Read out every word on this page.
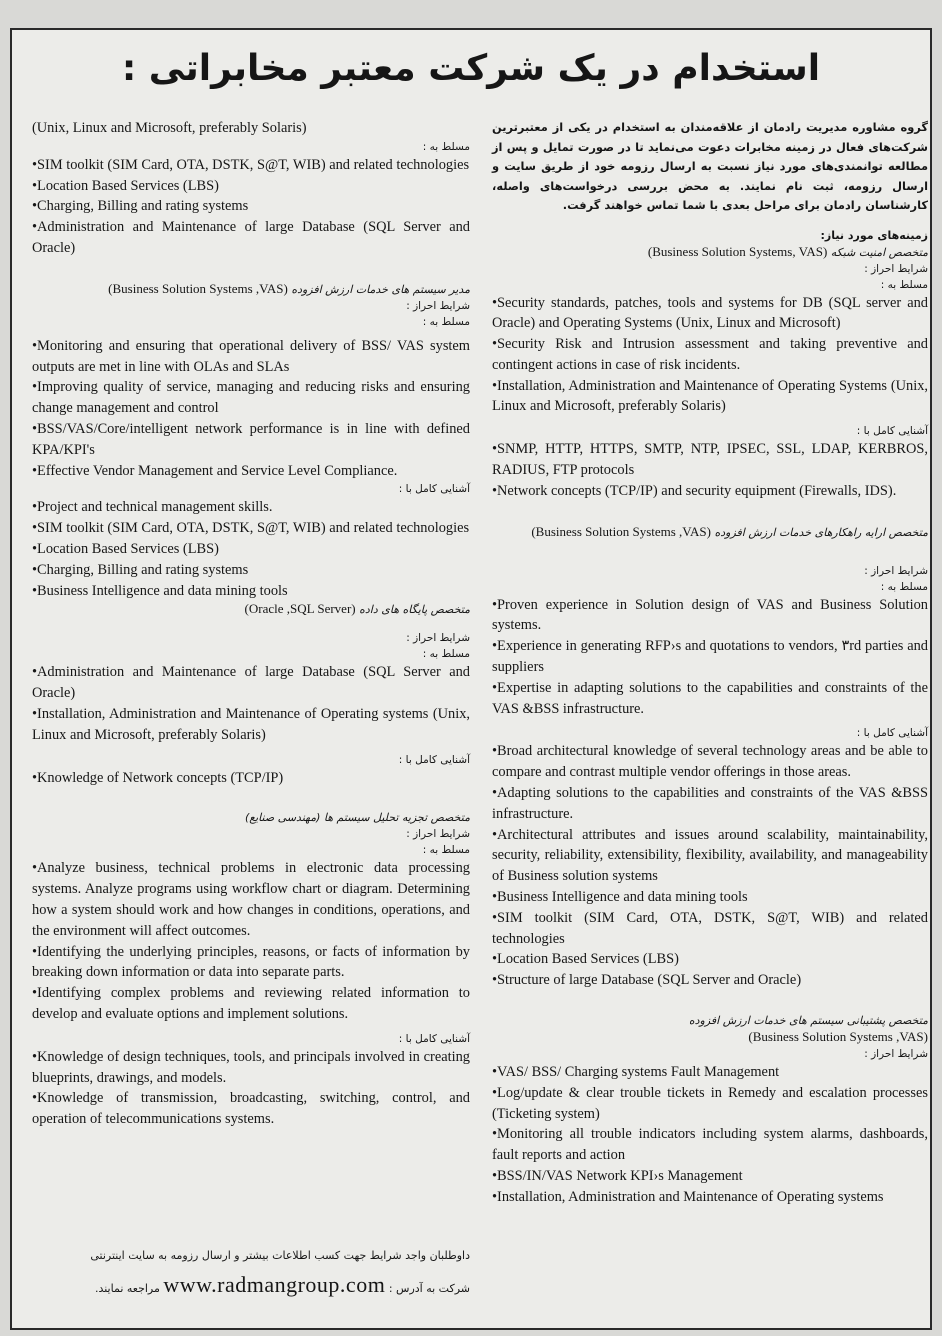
استخدام در یک شرکت معتبر مخابراتی :

(Unix, Linux and Microsoft, preferably Solaris)

مسلط به :

•SIM toolkit (SIM Card, OTA, DSTK, S@T, WIB) and related technologies

•Location Based Services (LBS)

•Charging, Billing and rating systems

•Administration and Maintenance of large Database (SQL Server and Oracle)

مدیر سیستم های خدمات ارزش افزوده (Business Solution Systems ,VAS)

شرایط احراز :

مسلط به :

•Monitoring and ensuring that operational delivery of BSS/ VAS system outputs are met in line with OLAs and SLAs

•Improving quality of service, managing and reducing risks and ensuring change management and control

•BSS/VAS/Core/intelligent network performance is in line with defined KPA/KPI's

•Effective Vendor Management and Service Level Compliance.

آشنایی کامل با :

•Project and technical management skills.

•SIM toolkit (SIM Card, OTA, DSTK, S@T, WIB) and related technologies

•Location Based Services (LBS)

•Charging, Billing and rating systems

•Business Intelligence and data mining tools

متخصص پایگاه های داده (Oracle ,SQL Server)

شرایط احراز :

مسلط به :

•Administration and Maintenance of large Database (SQL Server and Oracle)

•Installation, Administration and Maintenance of Operating systems (Unix, Linux and Microsoft, preferably Solaris)

آشنایی کامل با :

•Knowledge of Network concepts (TCP/IP)

متخصص تجزیه تحلیل سیستم ها (مهندسی صنایع)

شرایط احراز :

مسلط به :

•Analyze business, technical problems in electronic data processing systems. Analyze programs using workflow chart or diagram. Determining how a system should work and how changes in conditions, operations, and the environment will affect outcomes.

•Identifying the underlying principles, reasons, or facts of information by breaking down information or data into separate parts.

•Identifying complex problems and reviewing related information to develop and evaluate options and implement solutions.

آشنایی کامل با :

•Knowledge of design techniques, tools, and principals involved in creating blueprints, drawings, and models.

•Knowledge of transmission, broadcasting, switching, control, and operation of telecommunications systems.

داوطلبان واجد شرایط جهت کسب اطلاعات بیشتر و ارسال رزومه به سایت اینترنتی

شرکت به آدرس : www.radmangroup.com مراجعه نمایند.

گروه مشاوره مدیریت رادمان از علاقه‌مندان به استخدام در یکی از معتبرترین شرکت‌های فعال در زمینه مخابرات دعوت می‌نماید تا در صورت تمایل و پس از مطالعه توانمندی‌های مورد نیاز نسبت به ارسال رزومه خود از طریق سایت و ارسال رزومه، ثبت نام نمایند. به محض بررسی درخواست‌های واصله، کارشناسان رادمان برای مراحل بعدی با شما تماس خواهند گرفت.

زمینه‌های مورد نیاز:

متخصص امنیت شبکه (Business Solution Systems, VAS)

شرایط احراز :

مسلط به :

•Security standards, patches, tools and systems for DB (SQL server and Oracle) and Operating Systems (Unix, Linux and Microsoft)

•Security Risk and Intrusion assessment and taking preventive and contingent actions in case of risk incidents.

•Installation, Administration and Maintenance of Operating Systems (Unix, Linux and Microsoft, preferably Solaris)

آشنایی کامل با :

•SNMP, HTTP, HTTPS, SMTP, NTP, IPSEC, SSL, LDAP, KERBROS, RADIUS, FTP protocols

•Network concepts (TCP/IP) and security equipment (Firewalls, IDS).

متخصص ارایه راهکارهای خدمات ارزش افزوده (Business Solution Systems ,VAS)

شرایط احراز :

مسلط به :

•Proven experience in Solution design of VAS and Business Solution systems.

•Experience in generating RFP›s and quotations to vendors, ۳rd parties and suppliers

•Expertise in adapting solutions to the capabilities and constraints of the VAS &BSS infrastructure.

آشنایی کامل با :

•Broad architectural knowledge of several technology areas and be able to compare and contrast multiple vendor offerings in those areas.

•Adapting solutions to the capabilities and constraints of the VAS &BSS infrastructure.

•Architectural attributes and issues around scalability, maintainability, security, reliability, extensibility, flexibility, availability, and manageability of Business solution systems

•Business Intelligence and data mining tools

•SIM toolkit (SIM Card, OTA, DSTK, S@T, WIB) and related technologies

•Location Based Services (LBS)

•Structure of large Database (SQL Server and Oracle)

متخصص پشتیبانی سیستم های خدمات ارزش افزوده

(Business Solution Systems ,VAS)

شرایط احراز :

•VAS/ BSS/ Charging systems Fault Management

•Log/update & clear trouble tickets in Remedy and escalation processes (Ticketing system)

•Monitoring all trouble indicators including system alarms, dashboards, fault reports and action

•BSS/IN/VAS Network KPI›s Management

•Installation, Administration and Maintenance of Operating systems
